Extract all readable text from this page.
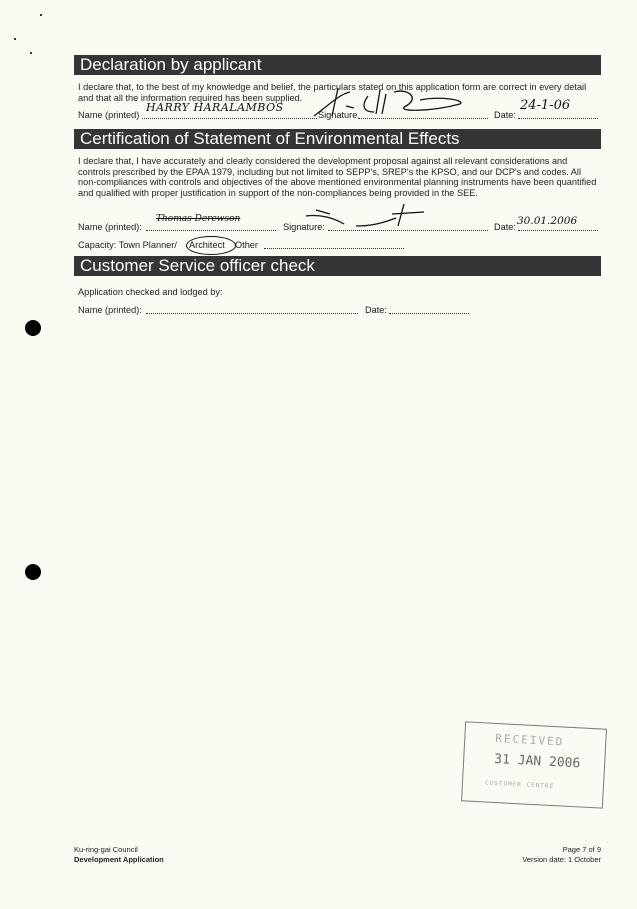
Declaration by applicant
I declare that, to the best of my knowledge and belief, the particulars stated on this application form are correct in every detail and that all the information required has been supplied.
Name (printed)
HARRY HARALAMBOS
Signature	Date:
24-1-06
Certification of Statement of Environmental Effects
I declare that, I have accurately and clearly considered the development proposal against all relevant considerations and controls prescribed by the EPAA 1979, including but not limited to SEPP's, SREP's the KPSO, and our DCP's and codes. All non-compliances with controls and objectives of the above mentioned environmental planning instruments have been quantified and qualified with proper justification in support of the non-compliances being provided in the SEE.
Name (printed):
Thomas Derewson
Signature:	Date: 30.01.2006
Capacity: Town Planner/ Architect Other
Customer Service officer check
Application checked and lodged by:
Name (printed):	Date:
RECEIVED
31 JAN 2006
CUSTOMER CENTRE
Ku-ring-gai Council
Development Application
Page 7 of 9
Version date: 1 October
